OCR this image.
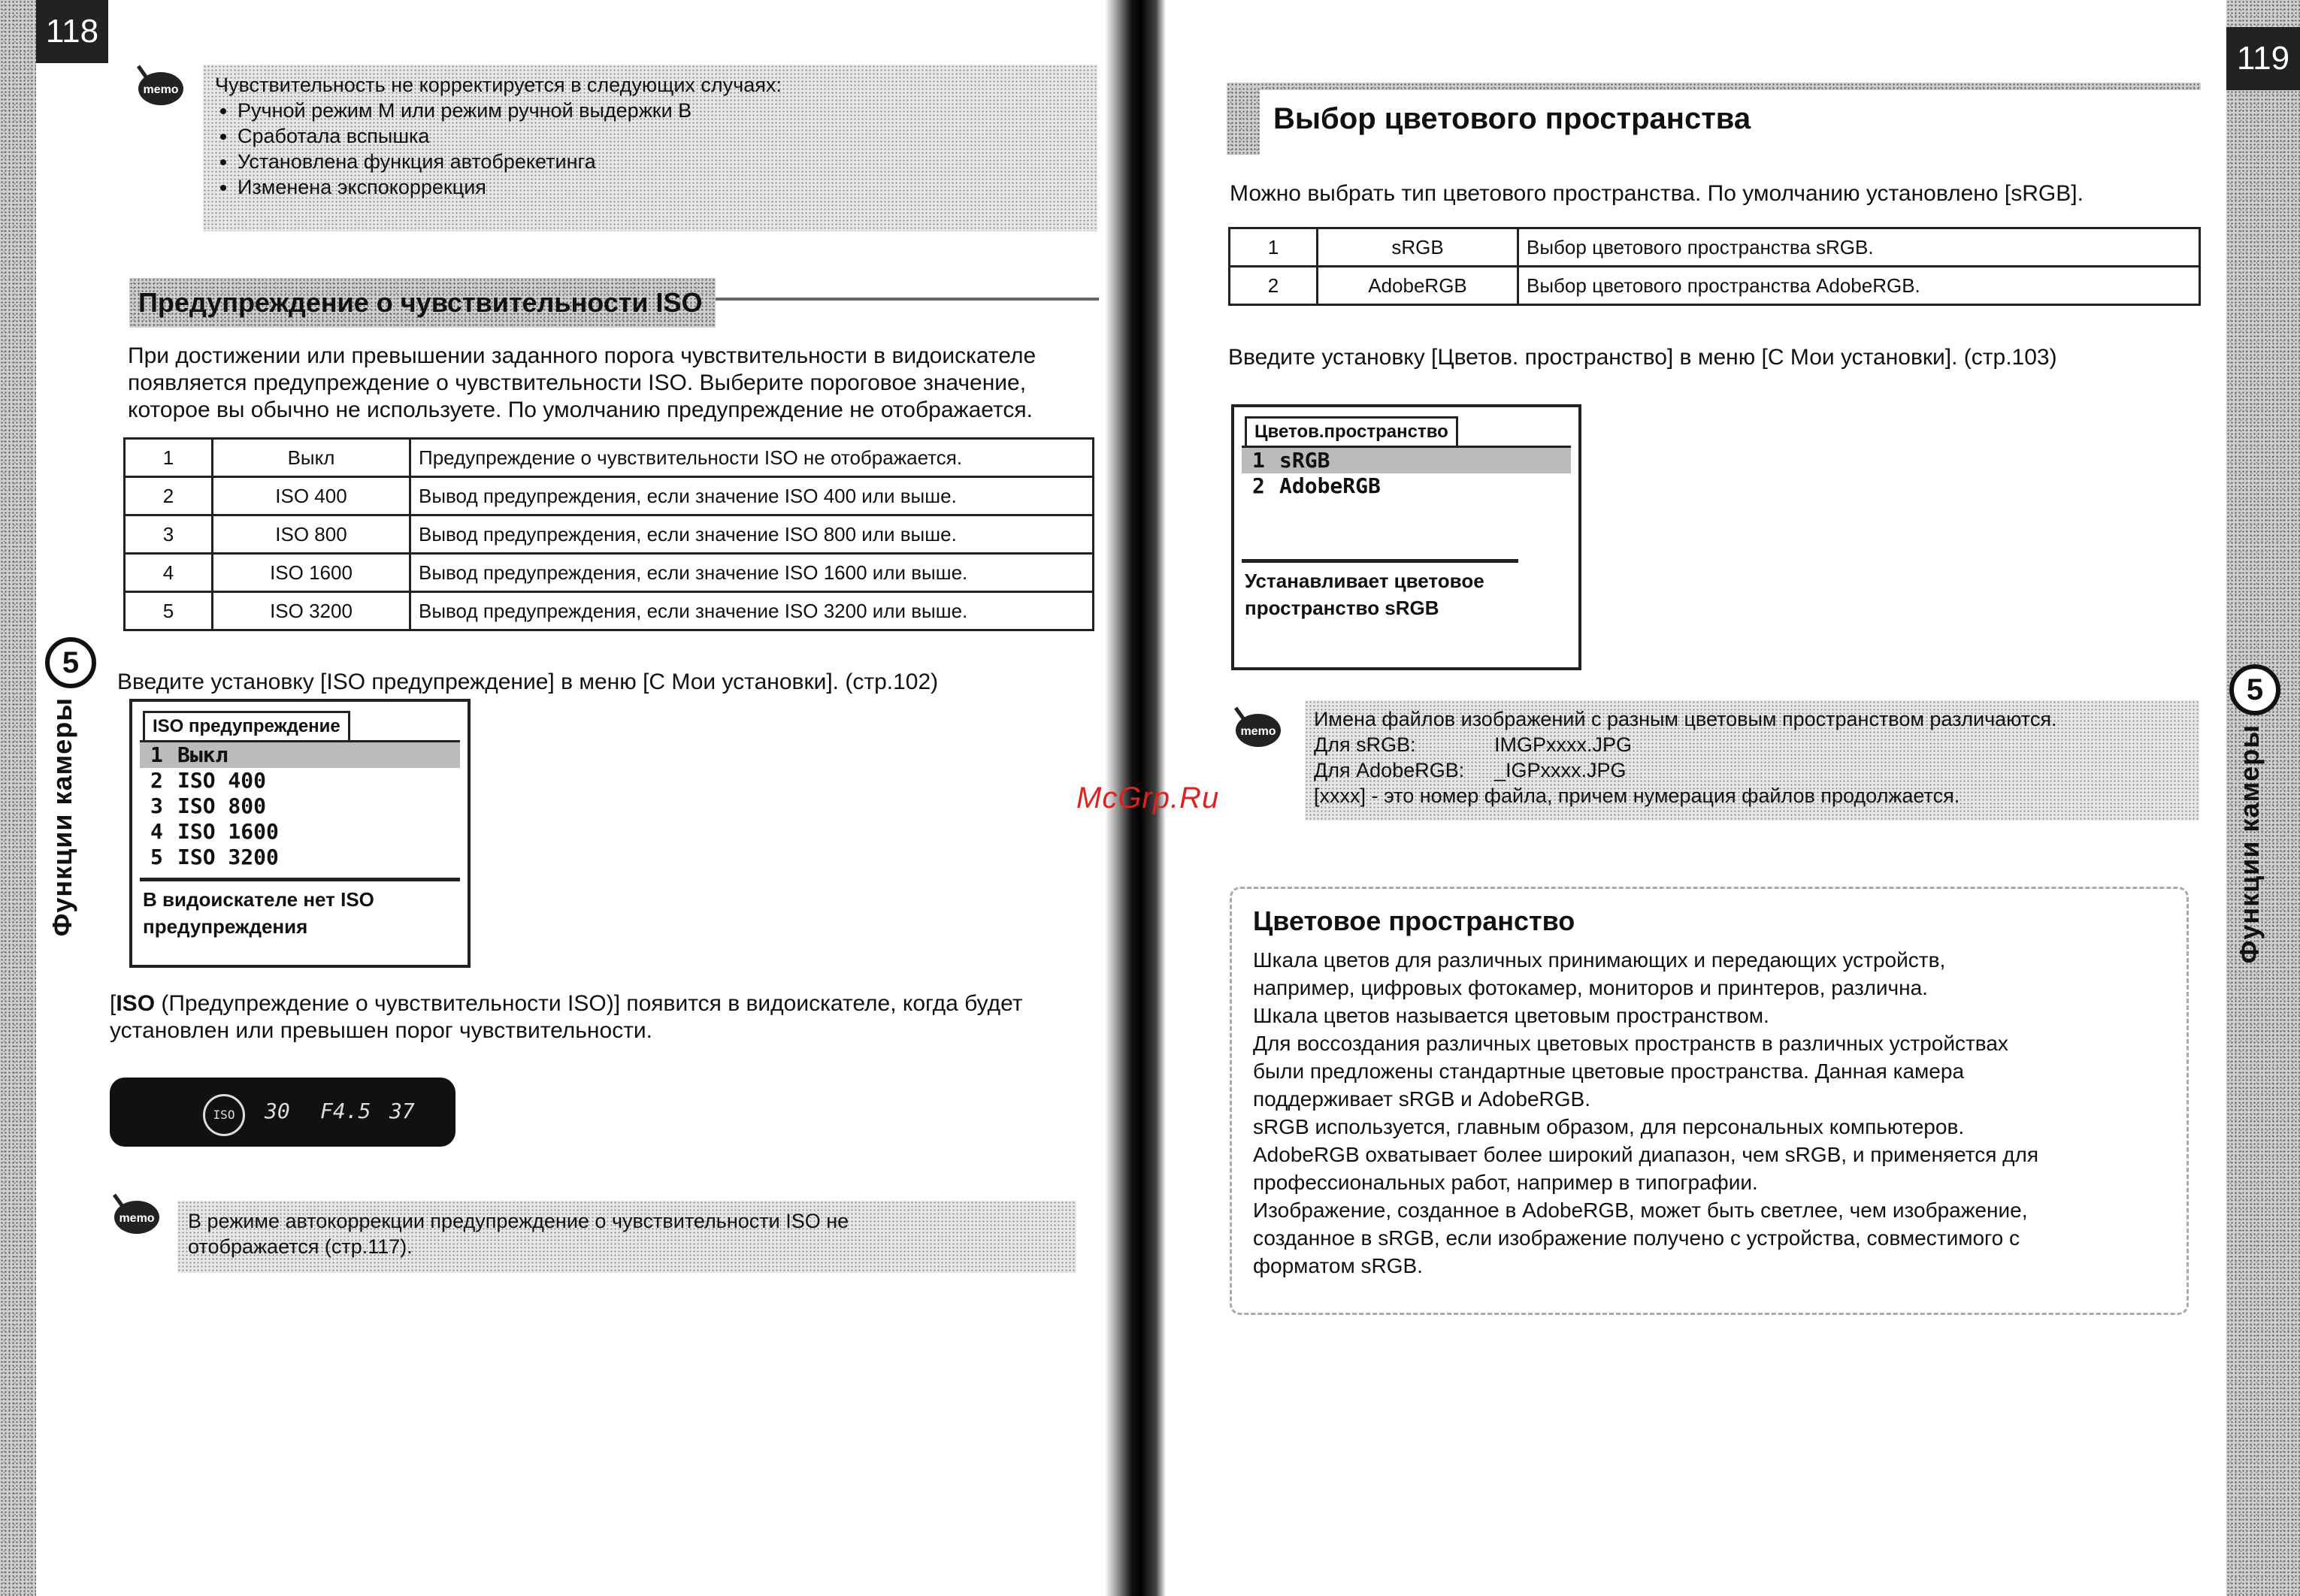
118
5
Функции камеры
memo Чувствительность не корректируется в следующих случаях:
• Ручной режим M или режим ручной выдержки B
• Сработала вспышка
• Установлена функция автобрекетинга
• Изменена экспокоррекция
Предупреждение о чувствительности ISO
При достижении или превышении заданного порога чувствительности в видоискателе появляется предупреждение о чувствительности ISO. Выберите пороговое значение, которое вы обычно не используете. По умолчанию предупреждение не отображается.
1	Выкл	Предупреждение о чувствительности ISO не отображается.
2	ISO 400	Вывод предупреждения, если значение ISO 400 или выше.
3	ISO 800	Вывод предупреждения, если значение ISO 800 или выше.
4	ISO 1600	Вывод предупреждения, если значение ISO 1600 или выше.
5	ISO 3200	Вывод предупреждения, если значение ISO 3200 или выше.
Введите установку [ISO предупреждение] в меню [C Мои установки]. (стр.102)
ISO предупреждение
1 Выкл
2 ISO 400
3 ISO 800
4 ISO 1600
5 ISO 3200
В видоискателе нет ISO предупреждения
[ISO (Предупреждение о чувствительности ISO)] появится в видоискателе, когда будет установлен или превышен порог чувствительности.
ISO	30 F4.5 37
memo В режиме автокоррекции предупреждение о чувствительности ISO не отображается (стр.117).
119
5
Функции камеры
Выбор цветового пространства
Можно выбрать тип цветового пространства. По умолчанию установлено [sRGB].
1	sRGB	Выбор цветового пространства sRGB.
2	AdobeRGB	Выбор цветового пространства AdobeRGB.
Введите установку [Цветов. пространство] в меню [C Мои установки]. (стр.103)
Цветов.пространство
1 sRGB
2 AdobeRGB
Устанавливает цветовое пространство sRGB
memo
Имена файлов изображений с разным цветовым пространством различаются.
Для sRGB:	IMGPxxxx.JPG
Для AdobeRGB: _IGPxxxx.JPG
[xxxx] - это номер файла, причем нумерация файлов продолжается.
Цветовое пространство
Шкала цветов для различных принимающих и передающих устройств,
например, цифровых фотокамер, мониторов и принтеров, различна.
Шкала цветов называется цветовым пространством.
Для воссоздания различных цветовых пространств в различных устройствах
были предложены стандартные цветовые пространства. Данная камера
поддерживает sRGB и AdobeRGB.
sRGB используется, главным образом, для персональных компьютеров.
AdobeRGB охватывает более широкий диапазон, чем sRGB, и применяется для
профессиональных работ, например в типографии.
Изображение, созданное в AdobeRGB, может быть светлее, чем изображение,
созданное в sRGB, если изображение получено с устройства, совместимого с
форматом sRGB.
McGrp.Ru
